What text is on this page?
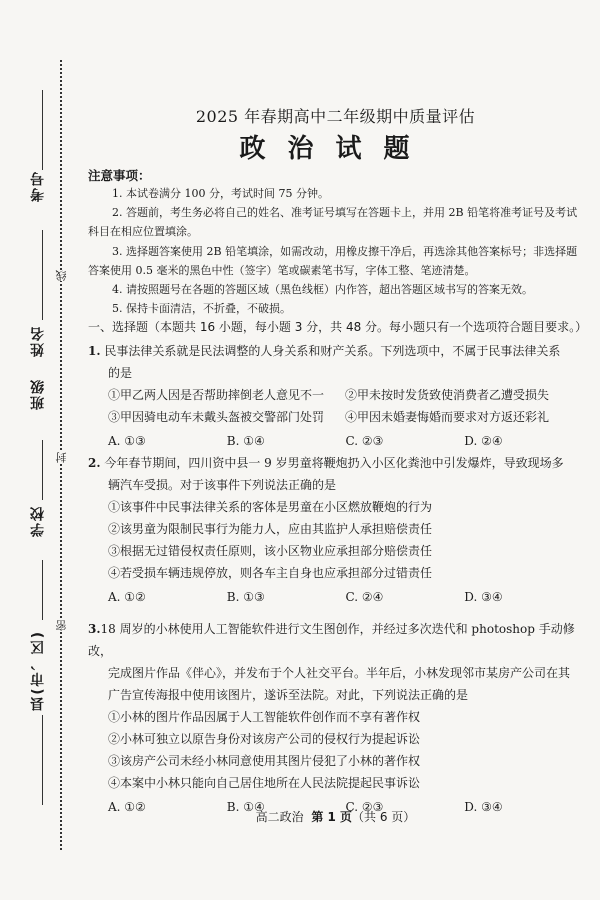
考号
线
姓名
班级
封
学校
密
县(市、区)
2025 年春期高中二年级期中质量评估
政治试题
注意事项：

1. 本试卷满分 100 分，考试时间 75 分钟。

2. 答题前，考生务必将自己的姓名、准考证号填写在答题卡上，并用 2B 铅笔将准考证号及考试科目在相应位置填涂。

3. 选择题答案使用 2B 铅笔填涂，如需改动，用橡皮擦干净后，再选涂其他答案标号；非选择题答案使用 0.5 毫米的黑色中性（签字）笔或碳素笔书写，字体工整、笔迹清楚。

4. 请按照题号在各题的答题区域（黑色线框）内作答，超出答题区域书写的答案无效。

5. 保持卡面清洁，不折叠，不破损。

一、选择题（本题共 16 小题，每小题 3 分，共 48 分。每小题只有一个选项符合题目要求。）

1. 民事法律关系就是民法调整的人身关系和财产关系。下列选项中，不属于民事法律关系

的是

①甲乙两人因是否帮助摔倒老人意见不一	②甲未按时发货致使消费者乙遭受损失
③甲因骑电动车未戴头盔被交警部门处罚	④甲因未婚妻悔婚而要求对方返还彩礼
A. ①③	B. ①④	C. ②③	D. ②④

2. 今年春节期间，四川资中县一 9 岁男童将鞭炮扔入小区化粪池中引发爆炸，导致现场多

辆汽车受损。对于该事件下列说法正确的是

①该事件中民事法律关系的客体是男童在小区燃放鞭炮的行为

②该男童为限制民事行为能力人，应由其监护人承担赔偿责任

③根据无过错侵权责任原则，该小区物业应承担部分赔偿责任

④若受损车辆违规停放，则各车主自身也应承担部分过错责任

A. ①②	B. ①③	C. ②④	D. ③④

3.18 周岁的小林使用人工智能软件进行文生图创作，并经过多次迭代和 photoshop 手动修改，

完成图片作品《伴心》，并发布于个人社交平台。半年后，小林发现邻市某房产公司在其

广告宣传海报中使用该图片，遂诉至法院。对此，下列说法正确的是

①小林的图片作品因属于人工智能软件创作而不享有著作权

②小林可独立以原告身份对该房产公司的侵权行为提起诉讼

③该房产公司未经小林同意使用其图片侵犯了小林的著作权

④本案中小林只能向自己居住地所在人民法院提起民事诉讼

A. ①②	B. ①④	C. ②③	D. ③④
高二政治 第 1 页（共 6 页）
